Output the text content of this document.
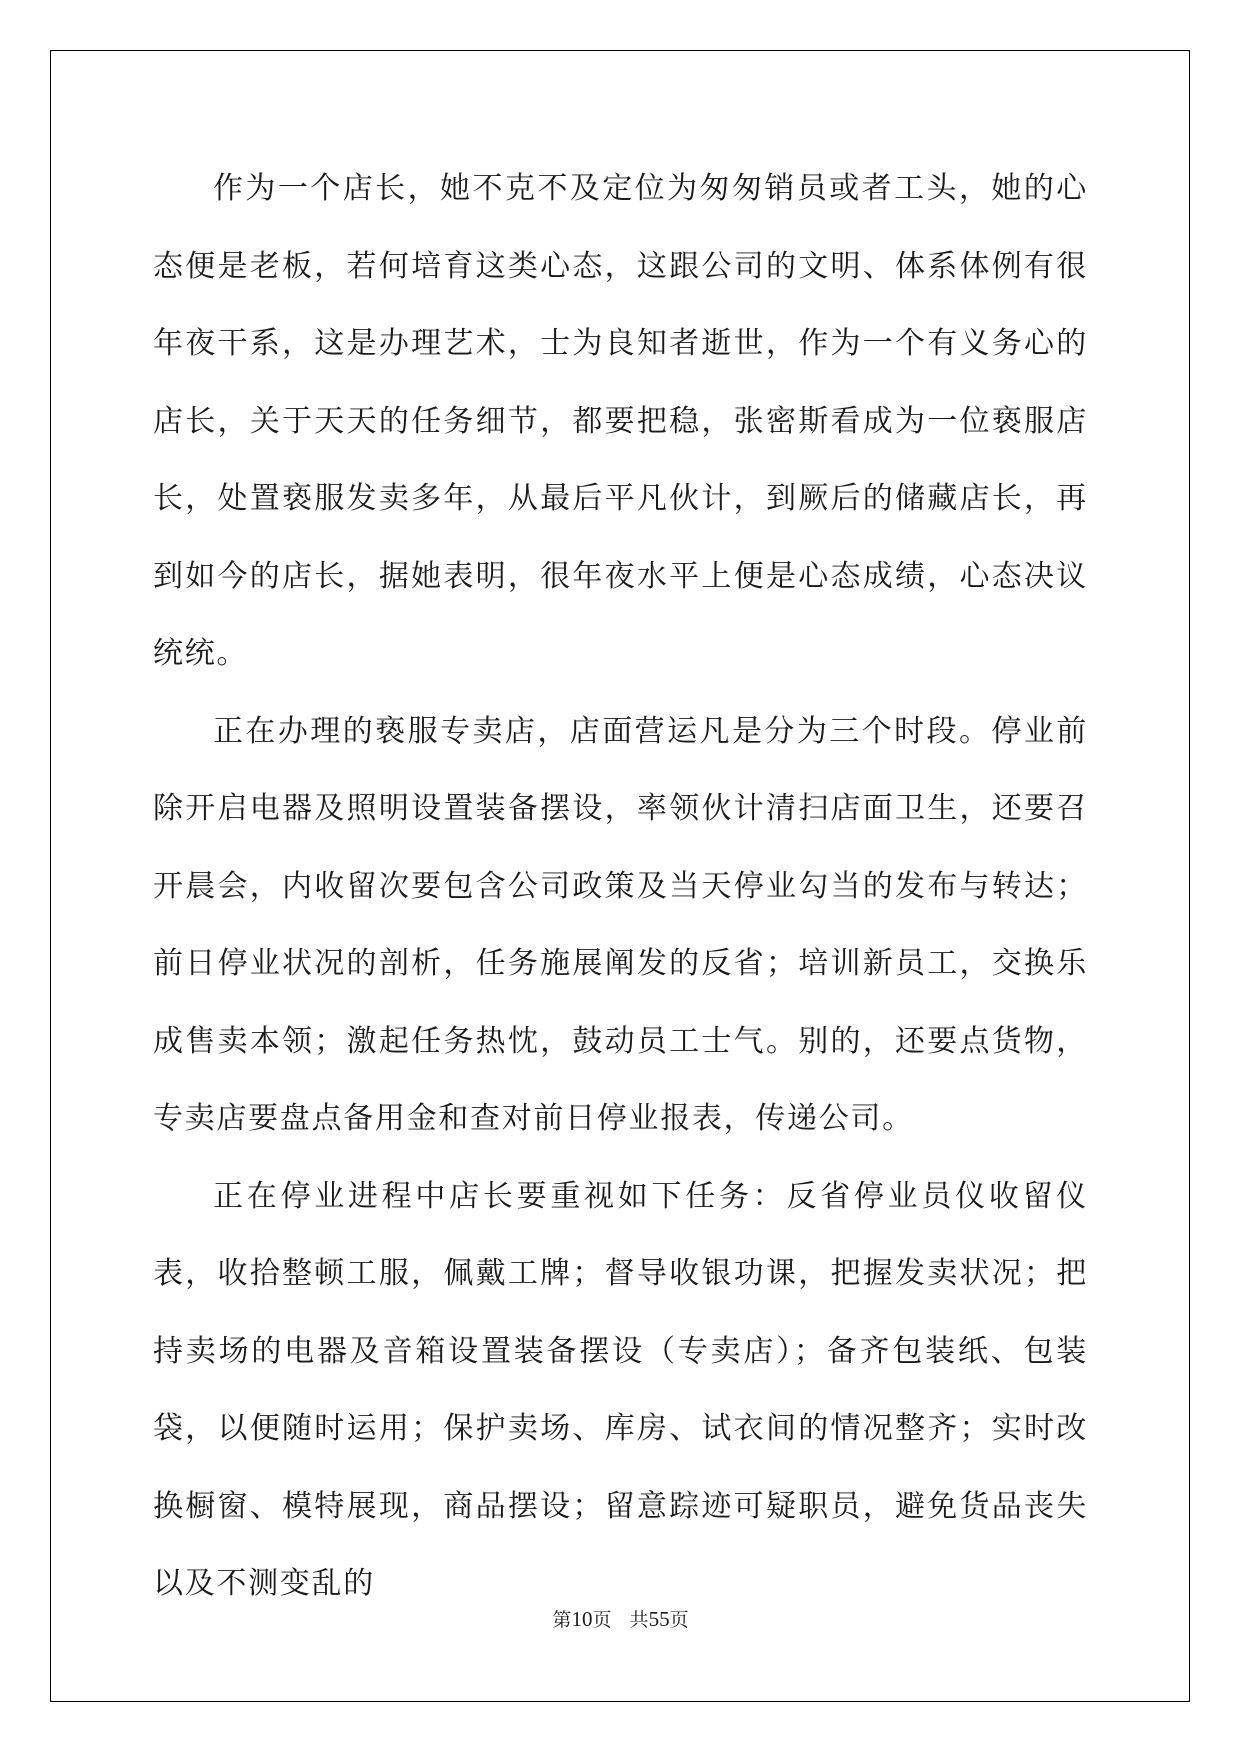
作为一个店长，她不克不及定位为匆匆销员或者工头，她的心态便是老板，若何培育这类心态，这跟公司的文明、体系体例有很年夜干系，这是办理艺术，士为良知者逝世，作为一个有义务心的店长，关于天天的任务细节，都要把稳，张密斯看成为一位亵服店长，处置亵服发卖多年，从最后平凡伙计，到厥后的储藏店长，再到如今的店长，据她表明，很年夜水平上便是心态成绩，心态决议统统。

正在办理的亵服专卖店，店面营运凡是分为三个时段。停业前除开启电器及照明设置装备摆设，率领伙计清扫店面卫生，还要召开晨会，内收留次要包含公司政策及当天停业勾当的发布与转达；前日停业状况的剖析，任务施展阐发的反省；培训新员工，交换乐成售卖本领；激起任务热忱，鼓动员工士气。别的，还要点货物，专卖店要盘点备用金和查对前日停业报表，传递公司。

正在停业进程中店长要重视如下任务：反省停业员仪收留仪表，收拾整顿工服，佩戴工牌；督导收银功课，把握发卖状况；把持卖场的电器及音箱设置装备摆设（专卖店）；备齐包装纸、包装袋，以便随时运用；保护卖场、库房、试衣间的情况整齐；实时改换橱窗、模特展现，商品摆设；留意踪迹可疑职员，避免货品丧失以及不测变乱的

第10页   共55页
